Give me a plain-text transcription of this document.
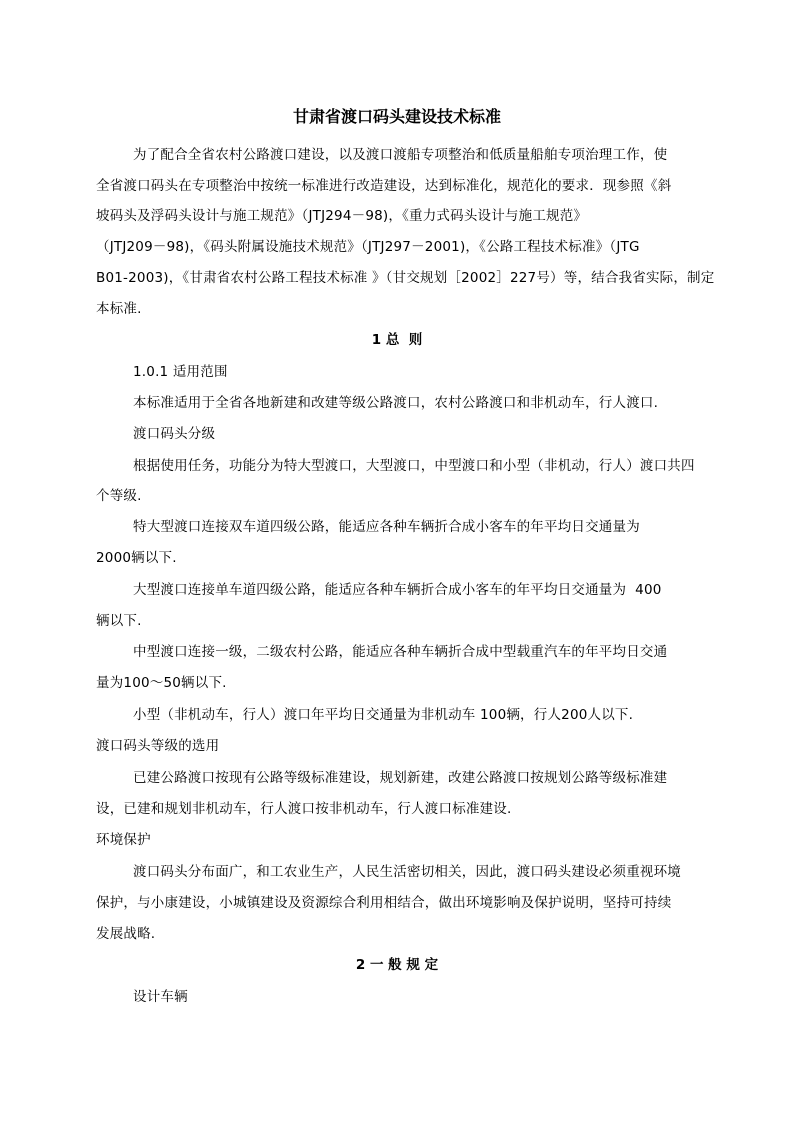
甘肃省渡口码头建设技术标准
为了配合全省农村公路渡口建设，以及渡口渡船专项整治和低质量船舶专项治理工作，使
全省渡口码头在专项整治中按统一标准进行改造建设，达到标准化，规范化的要求．现参照《斜
坡码头及浮码头设计与施工规范》（JTJ294－98)，《重力式码头设计与施工规范》
（JTJ209－98)，《码头附属设施技术规范》（JTJ297－2001)，《公路工程技术标准》（JTG
B01-2003)，《甘肃省农村公路工程技术标准 》（甘交规划［2002］227号）等，结合我省实际，制定
本标准.
1 总  则
1.0.1 适用范围
本标准适用于全省各地新建和改建等级公路渡口，农村公路渡口和非机动车，行人渡口.
渡口码头分级
根据使用任务，功能分为特大型渡口，大型渡口，中型渡口和小型（非机动，行人）渡口共四
个等级.
特大型渡口连接双车道四级公路，能适应各种车辆折合成小客车的年平均日交通量为
2000辆以下.
大型渡口连接单车道四级公路，能适应各种车辆折合成小客车的年平均日交通量为  400
辆以下.
中型渡口连接一级，二级农村公路，能适应各种车辆折合成中型载重汽车的年平均日交通
量为100～50辆以下.
小型（非机动车，行人）渡口年平均日交通量为非机动车 100辆，行人200人以下.
渡口码头等级的选用
已建公路渡口按现有公路等级标准建设，规划新建，改建公路渡口按规划公路等级标准建
设，已建和规划非机动车，行人渡口按非机动车，行人渡口标准建设.
环境保护
渡口码头分布面广，和工农业生产，人民生活密切相关，因此，渡口码头建设必须重视环境
保护，与小康建设，小城镇建设及资源综合利用相结合，做出环境影响及保护说明，坚持可持续
发展战略.
2 一 般 规 定
设计车辆
